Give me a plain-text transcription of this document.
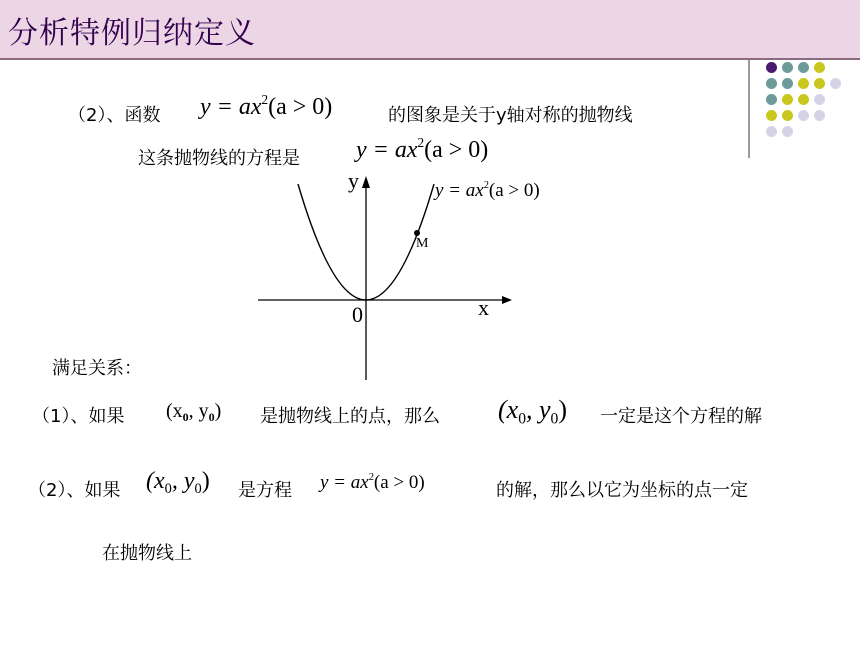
分析特例归纳定义
（2）、函数 $y = ax^2(a > 0)$	的图象是关于y轴对称的抛物线
这条抛物线的方程是 $y = ax^2(a > 0)$
y
x
0
M
$y = ax^2(a > 0)$
满足关系：
（1）、如果 ($x_0$, $y_0$) 是抛物线上的点，那么 ($x_0$, $y_0$) 一定是这个方程的解
（2）、如果 ($x_0$, $y_0$) 是方程 $y = ax^2(a > 0)$	的解，那么以它为坐标的点一定
在抛物线上
